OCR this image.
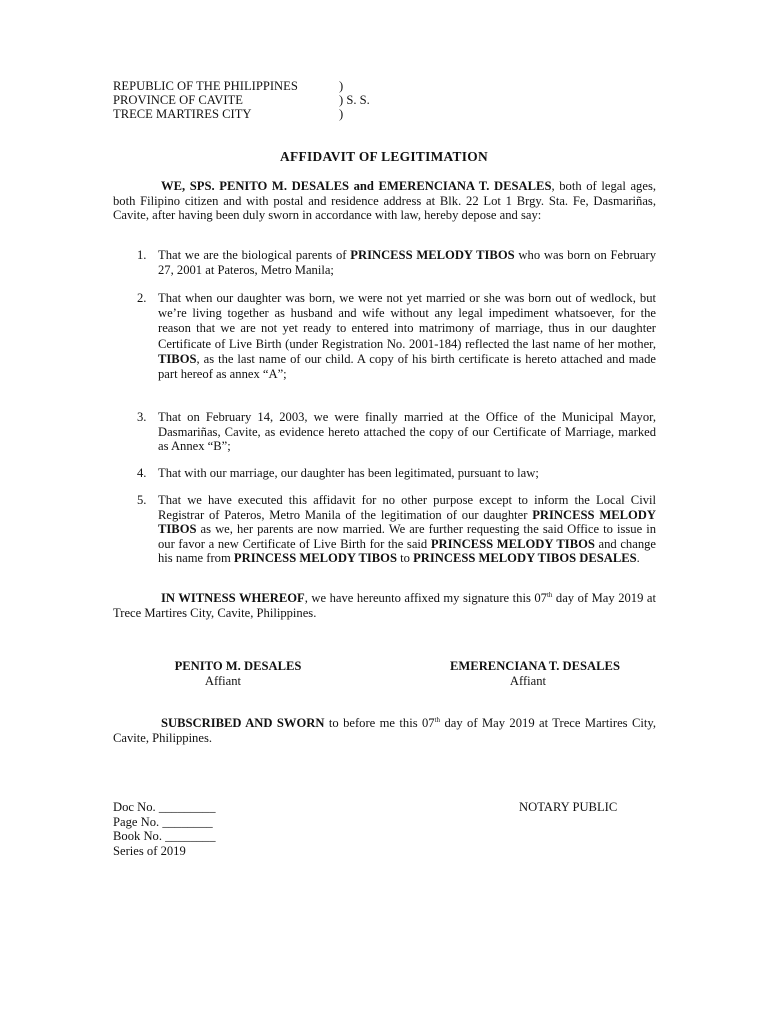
REPUBLIC OF THE PHILIPPINES	)
PROVINCE OF CAVITE	) S. S.
TRECE MARTIRES CITY	)
AFFIDAVIT OF LEGITIMATION
WE, SPS. PENITO M. DESALES and EMERENCIANA T. DESALES, both of legal ages, both Filipino citizen and with postal and residence address at Blk. 22 Lot 1 Brgy. Sta. Fe, Dasmariñas, Cavite, after having been duly sworn in accordance with law, hereby depose and say:
1. That we are the biological parents of PRINCESS MELODY TIBOS who was born on February 27, 2001 at Pateros, Metro Manila;
2. That when our daughter was born, we were not yet married or she was born out of wedlock, but we’re living together as husband and wife without any legal impediment whatsoever, for the reason that we are not yet ready to entered into matrimony of marriage, thus in our daughter Certificate of Live Birth (under Registration No. 2001-184) reflected the last name of her mother, TIBOS, as the last name of our child. A copy of his birth certificate is hereto attached and made part hereof as annex “A”;
3. That on February 14, 2003, we were finally married at the Office of the Municipal Mayor, Dasmariñas, Cavite, as evidence hereto attached the copy of our Certificate of Marriage, marked as Annex “B”;
4. That with our marriage, our daughter has been legitimated, pursuant to law;
5. That we have executed this affidavit for no other purpose except to inform the Local Civil Registrar of Pateros, Metro Manila of the legitimation of our daughter PRINCESS MELODY TIBOS as we, her parents are now married. We are further requesting the said Office to issue in our favor a new Certificate of Live Birth for the said PRINCESS MELODY TIBOS and change his name from PRINCESS MELODY TIBOS to PRINCESS MELODY TIBOS DESALES.
IN WITNESS WHEREOF, we have hereunto affixed my signature this 07th day of May 2019 at Trece Martires City, Cavite, Philippines.
PENITO M. DESALES
Affiant
EMERENCIANA T. DESALES
Affiant
SUBSCRIBED AND SWORN to before me this 07th day of May 2019 at Trece Martires City, Cavite, Philippines.
Doc No. _________
Page No. ________
Book No. ________
Series of 2019
NOTARY PUBLIC
